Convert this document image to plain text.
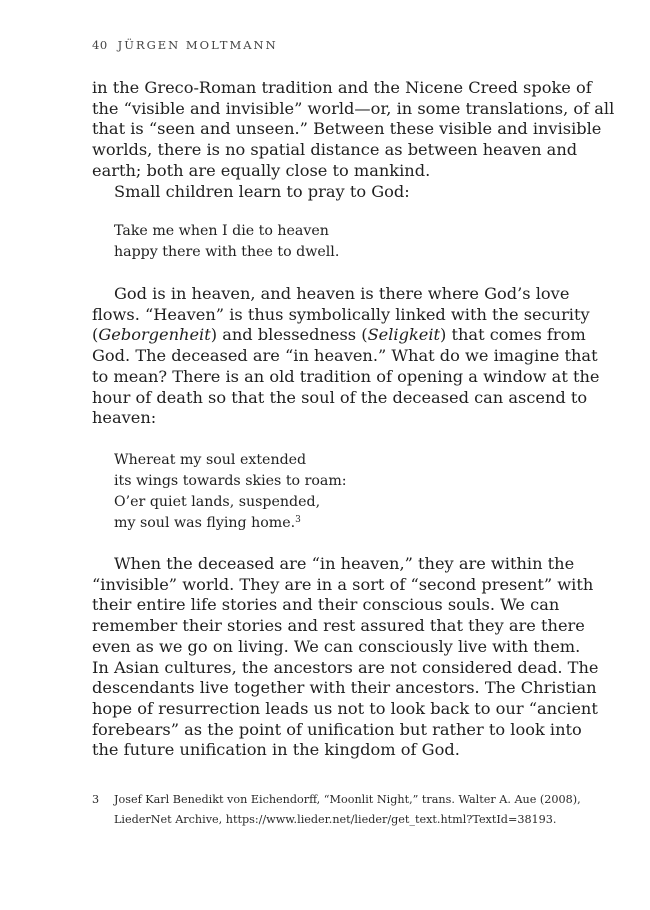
40 JÜRGEN MOLTMANN
in the Greco-Roman tradition and the Nicene Creed spoke of
the “visible and invisible” world—or, in some translations, of all
that is “seen and unseen.” Between these visible and invisible
worlds, there is no spatial distance as between heaven and
earth; both are equally close to mankind.
Small children learn to pray to God:
Take me when I die to heaven
happy there with thee to dwell.
God is in heaven, and heaven is there where God’s love
flows. “Heaven” is thus symbolically linked with the security
(Geborgenheit) and blessedness (Seligkeit) that comes from
God. The deceased are “in heaven.” What do we imagine that
to mean? There is an old tradition of opening a window at the
hour of death so that the soul of the deceased can ascend to
heaven:
Whereat my soul extended
its wings towards skies to roam:
O’er quiet lands, suspended,
my soul was flying home.$^3$
When the deceased are “in heaven,” they are within the
“invisible” world. They are in a sort of “second present” with
their entire life stories and their conscious souls. We can
remember their stories and rest assured that they are there
even as we go on living. We can consciously live with them.
In Asian cultures, the ancestors are not considered dead. The
descendants live together with their ancestors. The Christian
hope of resurrection leads us not to look back to our “ancient
forebears” as the point of unification but rather to look into
the future unification in the kingdom of God.
3 Josef Karl Benedikt von Eichendorff, “Moonlit Night,” trans. Walter A. Aue (2008),
LiederNet Archive, https://www.lieder.net/lieder/get_text.html?TextId=38193.
